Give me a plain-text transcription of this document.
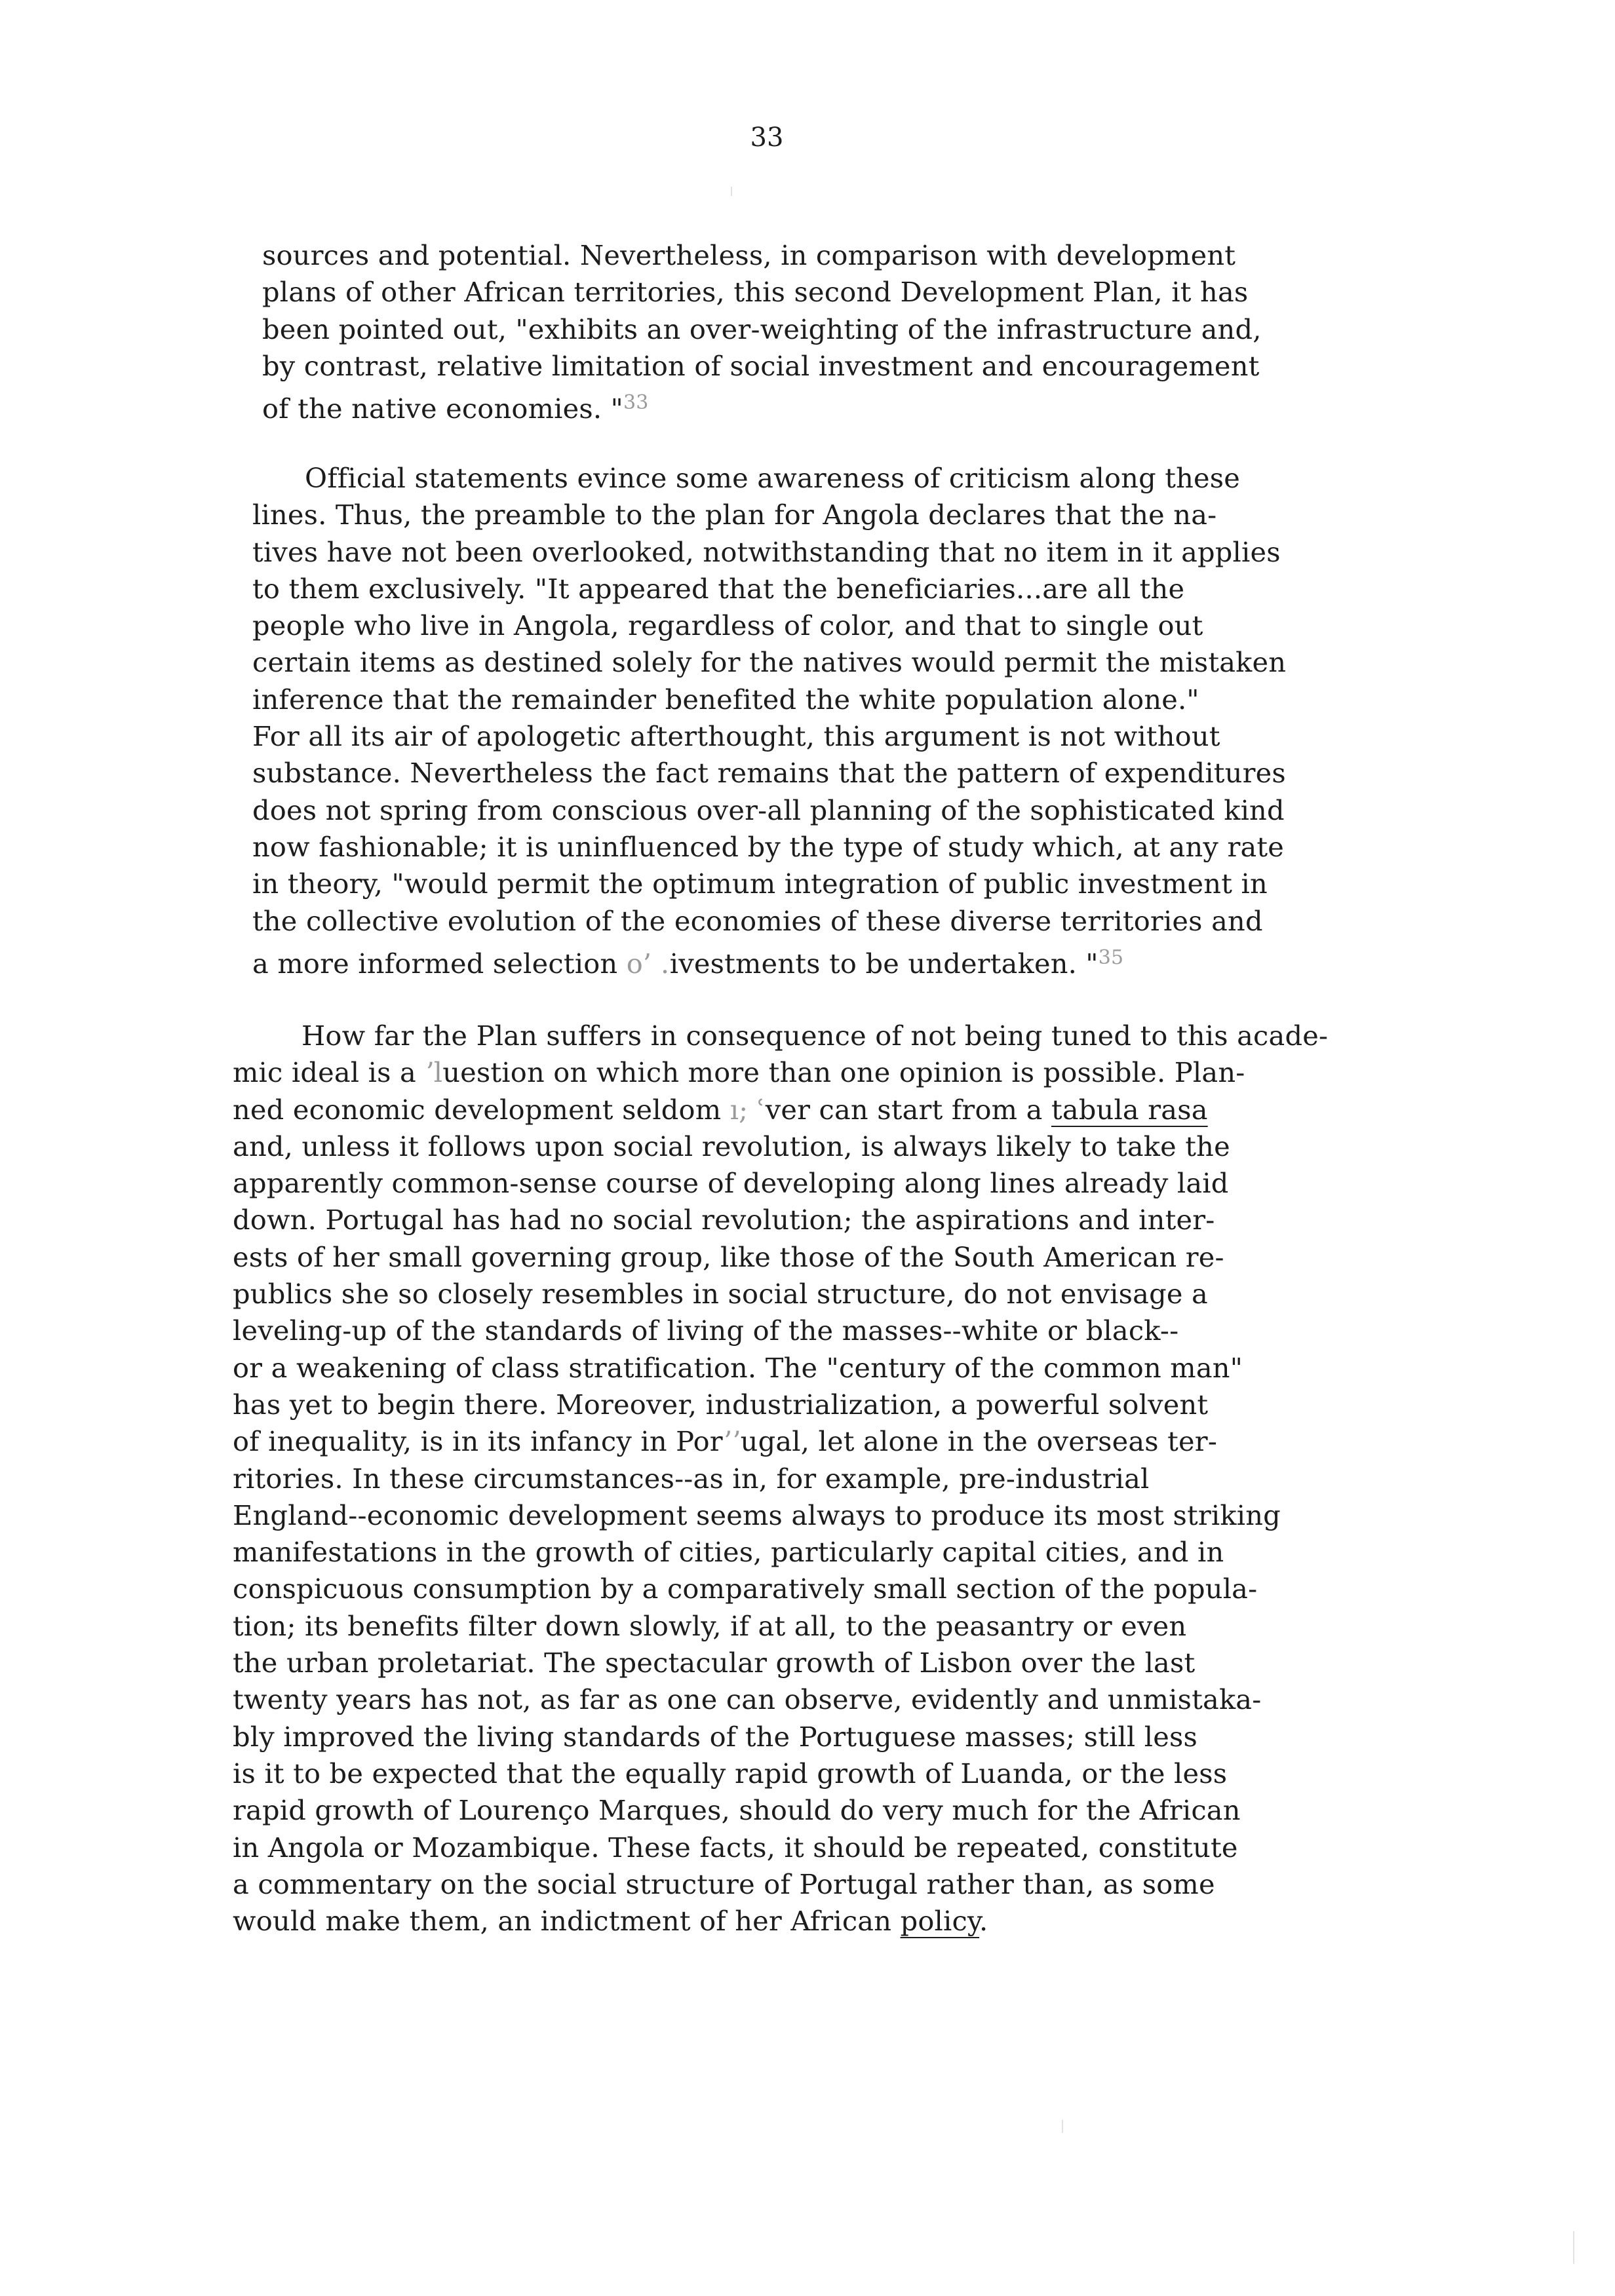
33
sources and potential. Nevertheless, in comparison with development
plans of other African territories, this second Development Plan, it has
been pointed out, "exhibits an over-weighting of the infrastructure and,
by contrast, relative limitation of social investment and encouragement
of the native economies. "$^{33}$
Official statements evince some awareness of criticism along these
lines. Thus, the preamble to the plan for Angola declares that the na-
tives have not been overlooked, notwithstanding that no item in it applies
to them exclusively. "It appeared that the beneficiaries...are all the
people who live in Angola, regardless of color, and that to single out
certain items as destined solely for the natives would permit the mistaken
inference that the remainder benefited the white population alone."
For all its air of apologetic afterthought, this argument is not without
substance. Nevertheless the fact remains that the pattern of expenditures
does not spring from conscious over-all planning of the sophisticated kind
now fashionable; it is uninfluenced by the type of study which, at any rate
in theory, "would permit the optimum integration of public investment in
the collective evolution of the economies of these diverse territories and
a more informed selection o’ ․ivestments to be undertaken. "$^{35}$
How far the Plan suffers in consequence of not being tuned to this acade-
mic ideal is a ʼluestion on which more than one opinion is possible. Plan-
ned economic development seldom ı; ʿver can start from a tabula rasa
and, unless it follows upon social revolution, is always likely to take the
apparently common-sense course of developing along lines already laid
down. Portugal has had no social revolution; the aspirations and inter-
ests of her small governing group, like those of the South American re-
publics she so closely resembles in social structure, do not envisage a
leveling-up of the standards of living of the masses--white or black--
or a weakening of class stratification. The "century of the common man"
has yet to begin there. Moreover, industrialization, a powerful solvent
of inequality, is in its infancy in Porʼʼugal, let alone in the overseas ter-
ritories. In these circumstances--as in, for example, pre-industrial
England--economic development seems always to produce its most striking
manifestations in the growth of cities, particularly capital cities, and in
conspicuous consumption by a comparatively small section of the popula-
tion; its benefits filter down slowly, if at all, to the peasantry or even
the urban proletariat. The spectacular growth of Lisbon over the last
twenty years has not, as far as one can observe, evidently and unmistaka-
bly improved the living standards of the Portuguese masses; still less
is it to be expected that the equally rapid growth of Luanda, or the less
rapid growth of Lourenço Marques, should do very much for the African
in Angola or Mozambique. These facts, it should be repeated, constitute
a commentary on the social structure of Portugal rather than, as some
would make them, an indictment of her African policy.
